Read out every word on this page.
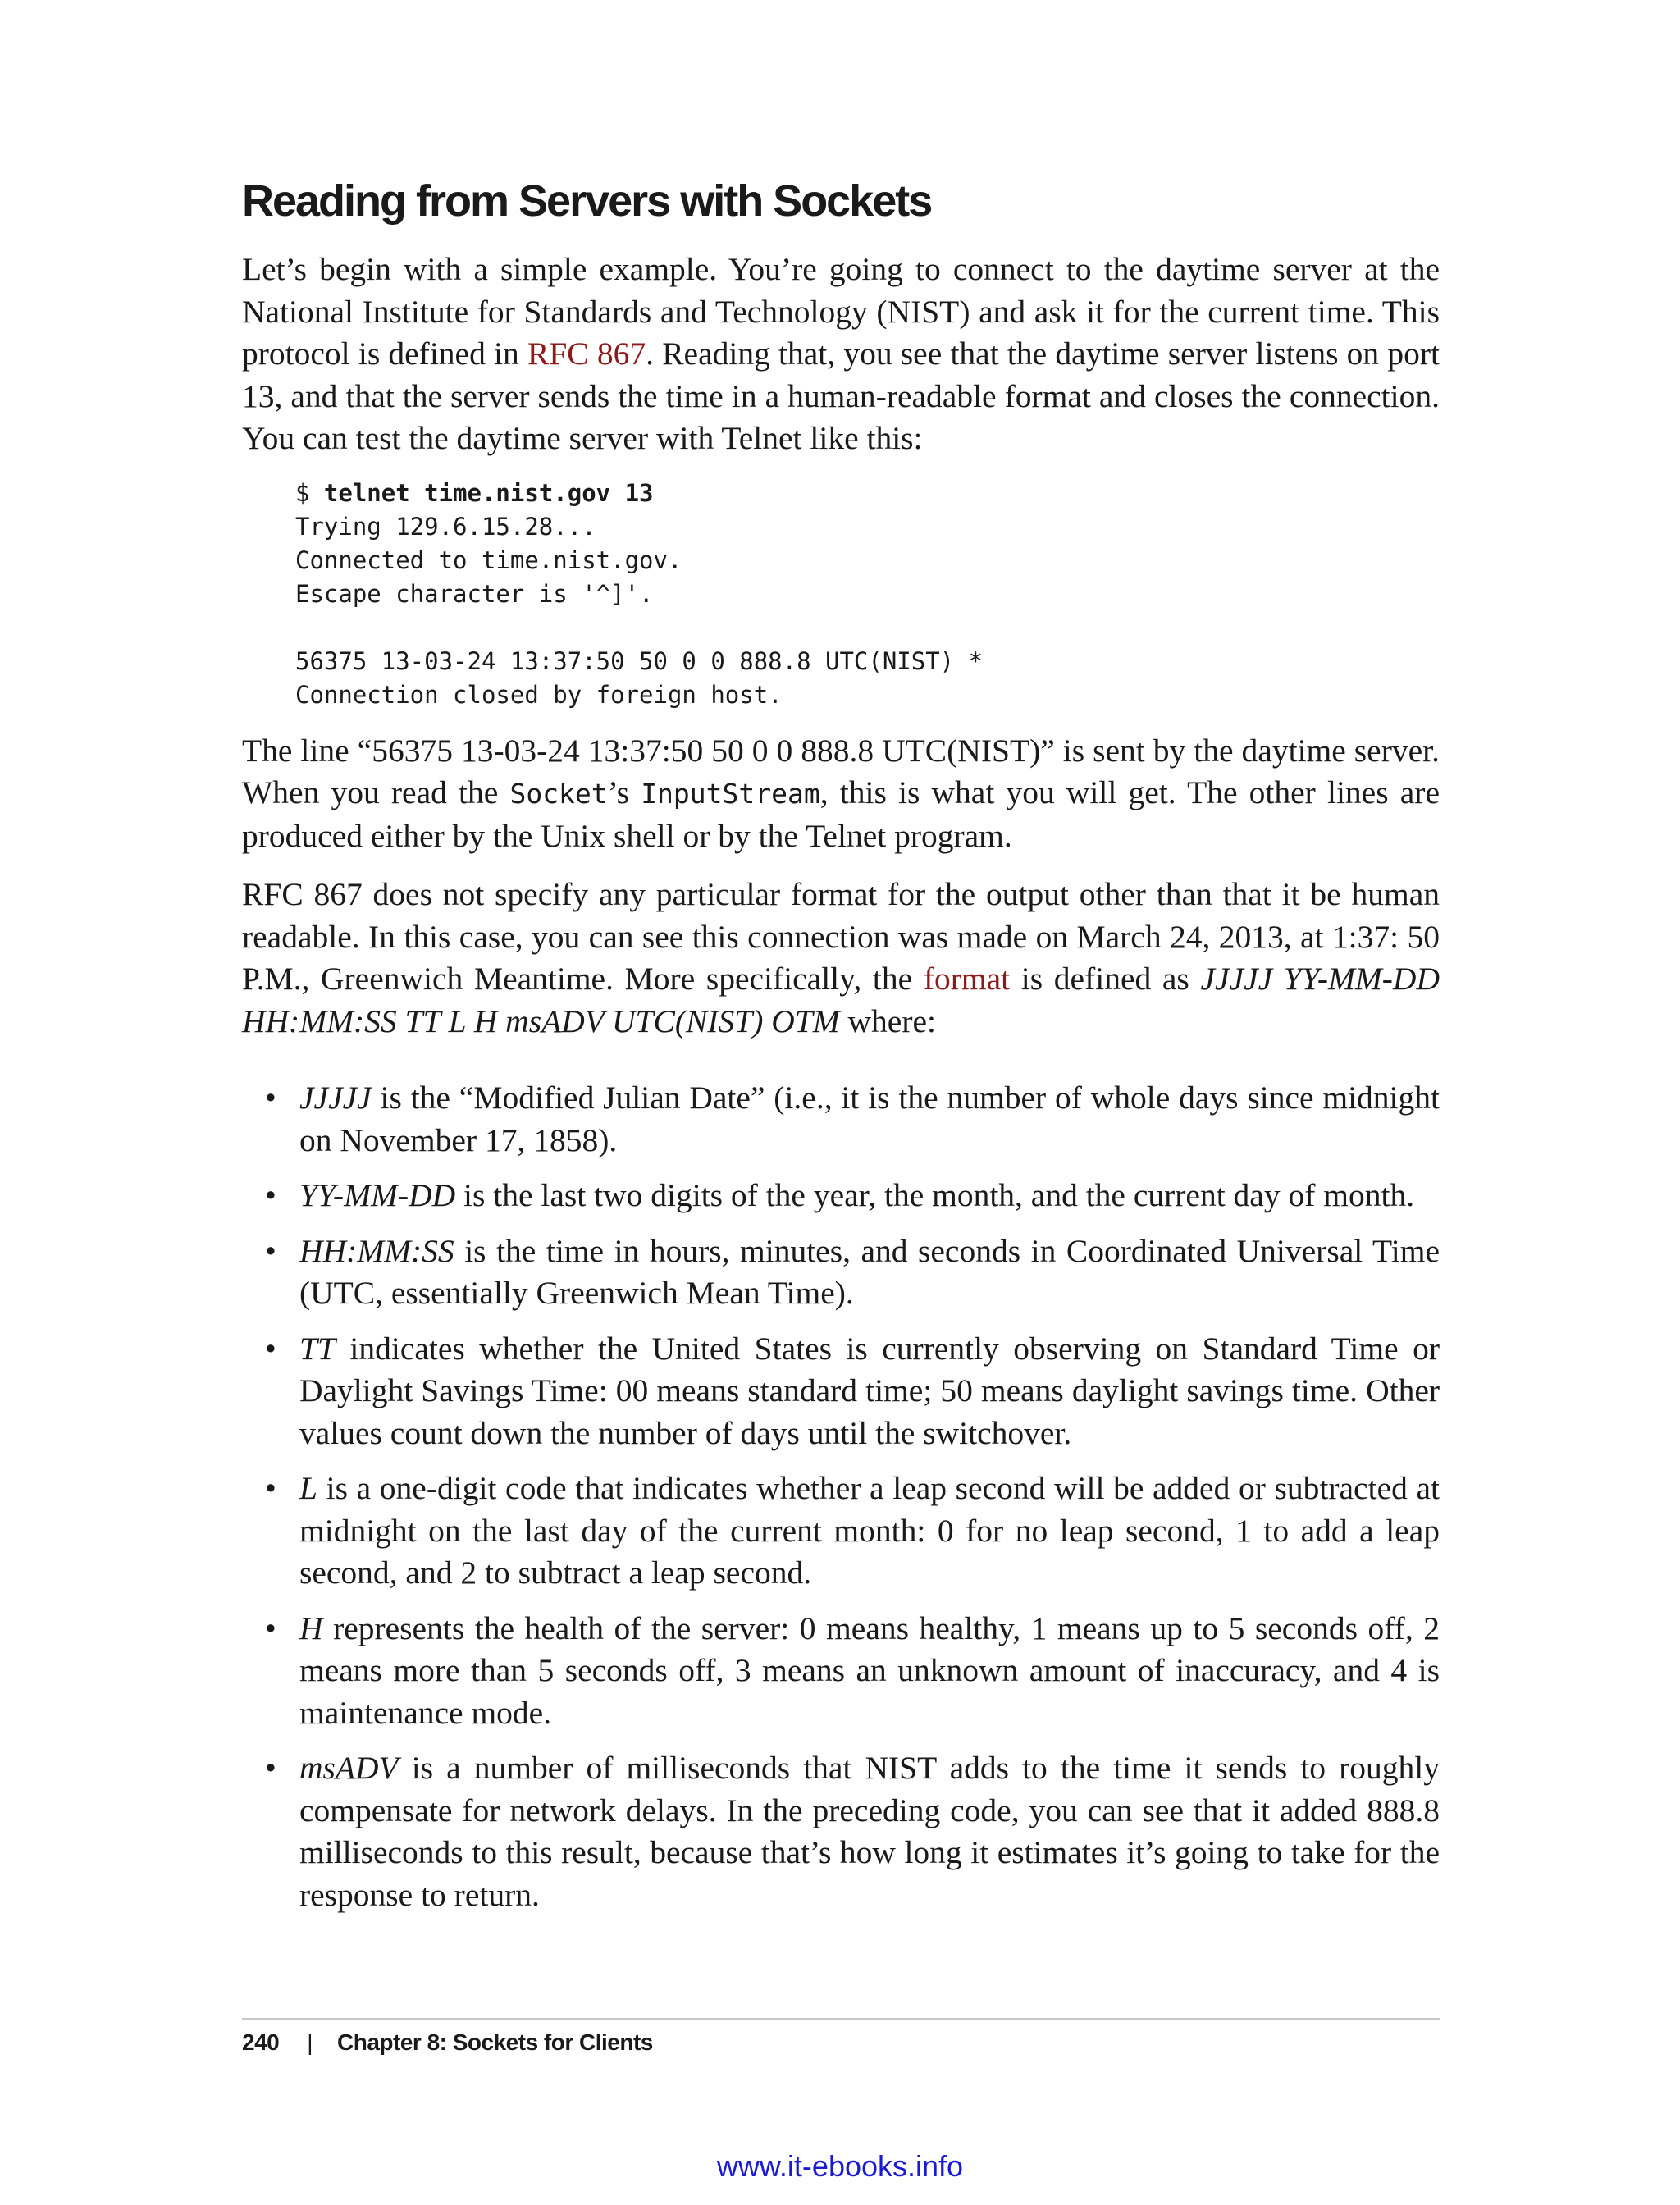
Reading from Servers with Sockets

Let’s begin with a simple example. You’re going to connect to the daytime server at the National Institute for Standards and Technology (NIST) and ask it for the current time. This protocol is defined in RFC 867. Reading that, you see that the daytime server listens on port 13, and that the server sends the time in a human-readable format and closes the connection. You can test the daytime server with Telnet like this:

$ telnet time.nist.gov 13
Trying 129.6.15.28...
Connected to time.nist.gov.
Escape character is '^]'.

56375 13-03-24 13:37:50 50 0 0 888.8 UTC(NIST) *
Connection closed by foreign host.

The line “56375 13-03-24 13:37:50 50 0 0 888.8 UTC(NIST)” is sent by the daytime server. When you read the Socket’s InputStream, this is what you will get. The other lines are produced either by the Unix shell or by the Telnet program.

RFC 867 does not specify any particular format for the output other than that it be human readable. In this case, you can see this connection was made on March 24, 2013, at 1:37: 50 P.M., Greenwich Meantime. More specifically, the format is defined as JJJJJ YY-MM-DD HH:MM:SS TT L H msADV UTC(NIST) OTM where:

• JJJJJ is the “Modified Julian Date” (i.e., it is the number of whole days since midnight on November 17, 1858).
• YY-MM-DD is the last two digits of the year, the month, and the current day of month.
• HH:MM:SS is the time in hours, minutes, and seconds in Coordinated Universal Time (UTC, essentially Greenwich Mean Time).
• TT indicates whether the United States is currently observing on Standard Time or Daylight Savings Time: 00 means standard time; 50 means daylight savings time. Other values count down the number of days until the switchover.
• L is a one-digit code that indicates whether a leap second will be added or subtracted at midnight on the last day of the current month: 0 for no leap second, 1 to add a leap second, and 2 to subtract a leap second.
• H represents the health of the server: 0 means healthy, 1 means up to 5 seconds off, 2 means more than 5 seconds off, 3 means an unknown amount of inaccuracy, and 4 is maintenance mode.
• msADV is a number of milliseconds that NIST adds to the time it sends to roughly compensate for network delays. In the preceding code, you can see that it added 888.8 milliseconds to this result, because that’s how long it estimates it’s going to take for the response to return.
240 | Chapter 8: Sockets for Clients
www.it-ebooks.info
